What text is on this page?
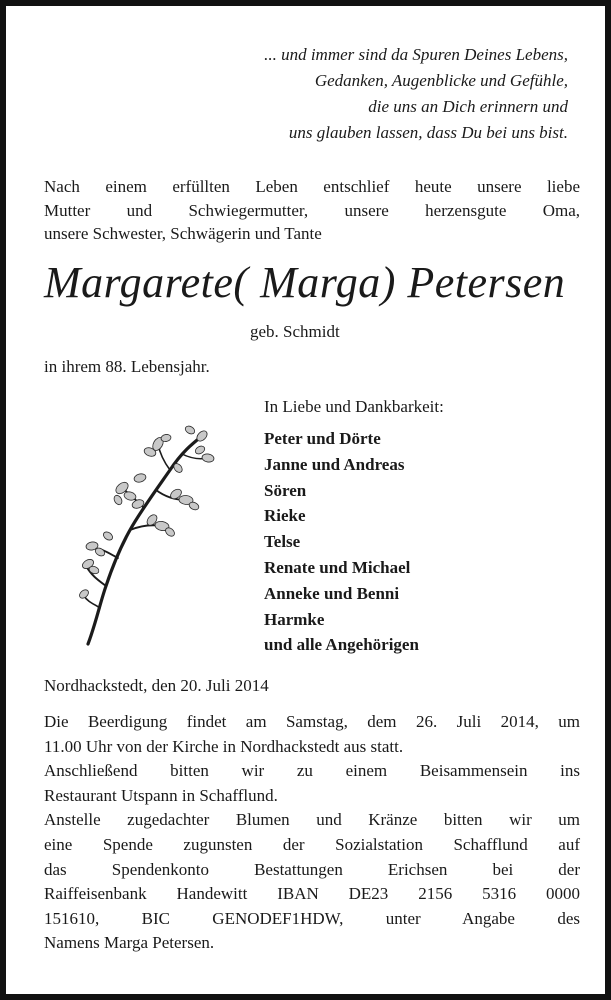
... und immer sind da Spuren Deines Lebens,
Gedanken, Augenblicke und Gefühle,
die uns an Dich erinnern und
uns glauben lassen, dass Du bei uns bist.
Nach einem erfüllten Leben entschlief heute unsere liebe
Mutter und Schwiegermutter, unsere herzensgute Oma,
unsere Schwester, Schwägerin und Tante
Margarete( Marga) Petersen
geb. Schmidt
in ihrem 88. Lebensjahr.
In Liebe und Dankbarkeit:
Peter und Dörte
Janne und Andreas
Sören
Rieke
Telse
Renate und Michael
Anneke und Benni
Harmke
und alle Angehörigen
Nordhackstedt, den 20. Juli 2014
Die Beerdigung findet am Samstag, dem 26. Juli 2014, um
11.00 Uhr von der Kirche in Nordhackstedt aus statt.
Anschließend bitten wir zu einem Beisammensein ins
Restaurant Utspann in Schafflund.
Anstelle zugedachter Blumen und Kränze bitten wir um
eine Spende zugunsten der Sozialstation Schafflund auf
das Spendenkonto Bestattungen Erichsen bei der
Raiffeisenbank Handewitt IBAN DE23 2156 5316 0000
151610, BIC GENODEF1HDW, unter Angabe des
Namens Marga Petersen.
